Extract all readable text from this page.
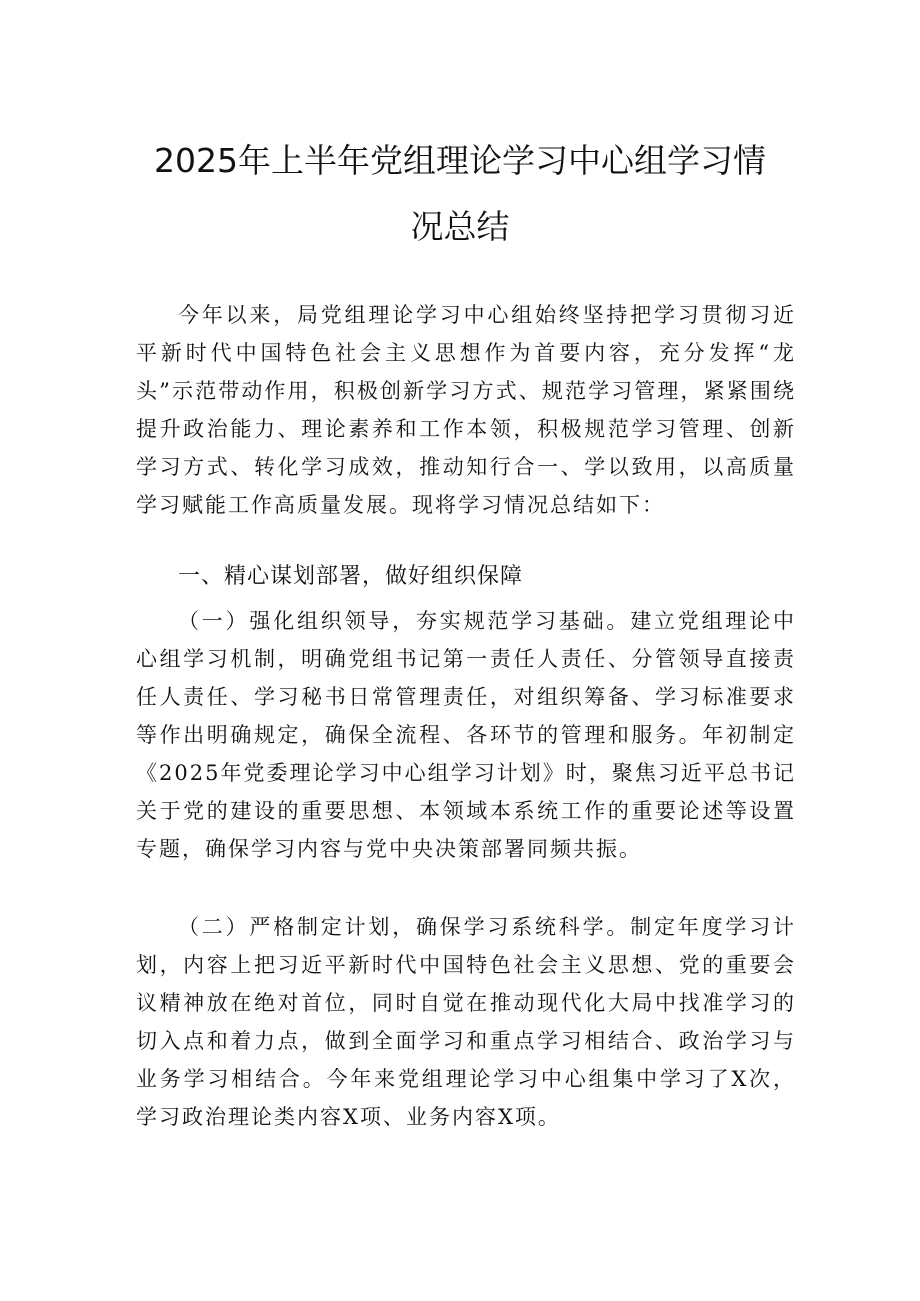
2025年上半年党组理论学习中心组学习情
况总结
今年以来，局党组理论学习中心组始终坚持把学习贯彻习近平新时代中国特色社会主义思想作为首要内容，充分发挥“龙头”示范带动作用，积极创新学习方式、规范学习管理，紧紧围绕提升政治能力、理论素养和工作本领，积极规范学习管理、创新学习方式、转化学习成效，推动知行合一、学以致用，以高质量学习赋能工作高质量发展。现将学习情况总结如下：
一、精心谋划部署，做好组织保障
（一）强化组织领导，夯实规范学习基础。建立党组理论中心组学习机制，明确党组书记第一责任人责任、分管领导直接责任人责任、学习秘书日常管理责任，对组织筹备、学习标准要求等作出明确规定，确保全流程、各环节的管理和服务。年初制定《2025年党委理论学习中心组学习计划》时，聚焦习近平总书记关于党的建设的重要思想、本领域本系统工作的重要论述等设置专题，确保学习内容与党中央决策部署同频共振。
（二）严格制定计划，确保学习系统科学。制定年度学习计划，内容上把习近平新时代中国特色社会主义思想、党的重要会议精神放在绝对首位，同时自觉在推动现代化大局中找准学习的切入点和着力点，做到全面学习和重点学习相结合、政治学习与业务学习相结合。今年来党组理论学习中心组集中学习了X次，学习政治理论类内容X项、业务内容X项。
